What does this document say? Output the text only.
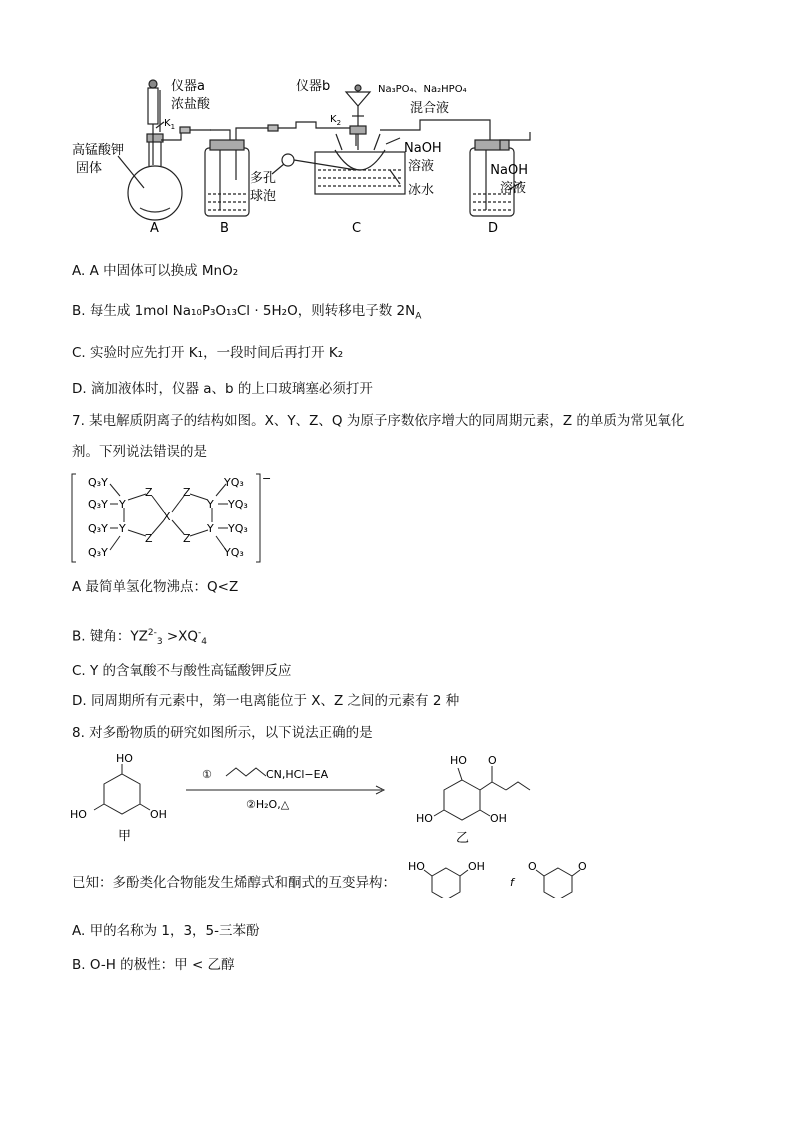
仪器a
浓盐酸
$K_1$
高锰酸钾
固体
仪器b	Na₃PO₄、Na₂HPO₄
混合液
$K_2$
多孔
球泡
NaOH
溶液
冰水
NaOH
溶液
A	B	C	D
A. A 中固体可以换成 MnO₂
B. 每生成 1mol Na₁₀P₃O₁₃Cl · 5H₂O，则转移电子数 $2N_A$
C. 实验时应先打开 K₁，一段时间后再打开 K₂
D. 滴加液体时，仪器 a、b 的上口玻璃塞必须打开
7. 某电解质阴离子的结构如图。X、Y、Z、Q 为原子序数依序增大的同周期元素，Z 的单质为常见氧化
剂。下列说法错误的是
Q₃Y
Q₃Y
Q₃Y
Q₃Y
Y
Y
Z
Z
X
Z
Z
Y
Y
YQ₃
YQ₃
YQ₃
YQ₃
−
A 最简单氢化物沸点：Q<Z
B. 键角：$YZ^{2-}_3 >XQ^-_4$
C. Y 的含氧酸不与酸性高锰酸钾反应
D. 同周期所有元素中，第一电离能位于 X、Z 之间的元素有 2 种
8. 对多酚物质的研究如图所示，以下说法正确的是
HO
HO	OH
①	CN,HCl−EA
②H₂O,△
HO O
HO	OH
甲	乙
已知：多酚类化合物能发生烯醇式和酮式的互变异构：
HO	OH
f
O	O
A. 甲的名称为 1，3，5-三苯酚
B. O-H 的极性：甲 < 乙醇
